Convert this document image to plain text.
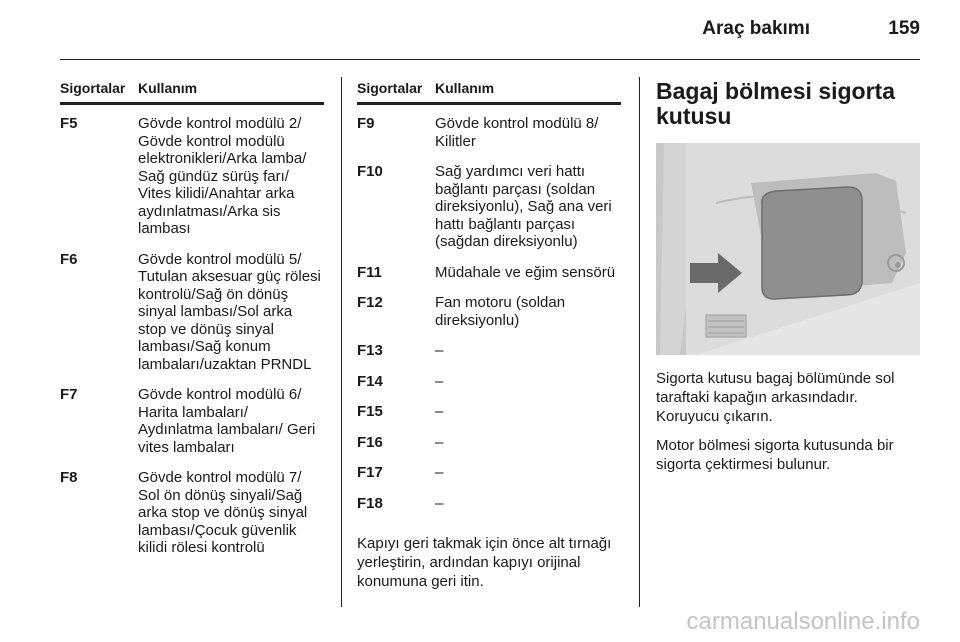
Araç bakımı	159
Sigortalar Kullanım
F5	Gövde kontrol modülü 2/ Gövde kontrol modülü elektronikleri/Arka lamba/ Sağ gündüz sürüş farı/ Vites kilidi/Anahtar arka aydınlatması/Arka sis lambası
F6	Gövde kontrol modülü 5/ Tutulan aksesuar güç rölesi kontrolü/Sağ ön dönüş sinyal lambası/Sol arka stop ve dönüş sinyal lambası/Sağ konum lambaları/uzaktan PRNDL
F7	Gövde kontrol modülü 6/ Harita lambaları/ Aydınlatma lambaları/ Geri vites lambaları
F8	Gövde kontrol modülü 7/ Sol ön dönüş sinyali/Sağ arka stop ve dönüş sinyal lambası/Çocuk güvenlik kilidi rölesi kontrolü
Sigortalar Kullanım
F9	Gövde kontrol modülü 8/ Kilitler
F10	Sağ yardımcı veri hattı bağlantı parçası (soldan direksiyonlu), Sağ ana veri hattı bağlantı parçası (sağdan direksiyonlu)
F11	Müdahale ve eğim sensörü
F12	Fan motoru (soldan direksiyonlu)
F13	–
F14	–
F15	–
F16	–
F17	–
F18	–
Kapıyı geri takmak için önce alt tırnağı yerleştirin, ardından kapıyı orijinal konumuna geri itin.
Bagaj bölmesi sigorta kutusu
Sigorta kutusu bagaj bölümünde sol taraftaki kapağın arkasındadır. Koruyucu çıkarın.
Motor bölmesi sigorta kutusunda bir sigorta çektirmesi bulunur.
carmanualsonline.info
